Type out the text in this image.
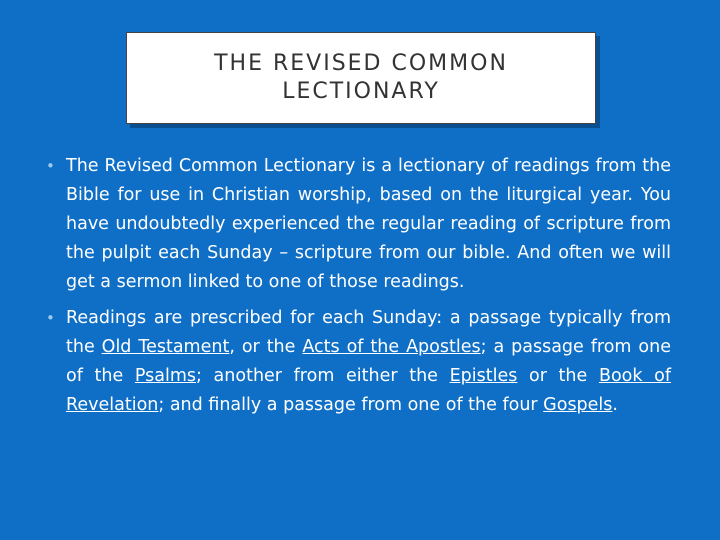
THE REVISED COMMON LECTIONARY

• The Revised Common Lectionary is a lectionary of readings from the Bible for use in Christian worship, based on the liturgical year. You have undoubtedly experienced the regular reading of scripture from the pulpit each Sunday – scripture from our bible. And often we will get a sermon linked to one of those readings.

• Readings are prescribed for each Sunday: a passage typically from the Old Testament, or the Acts of the Apostles; a passage from one of the Psalms; another from either the Epistles or the Book of Revelation; and finally a passage from one of the four Gospels.
